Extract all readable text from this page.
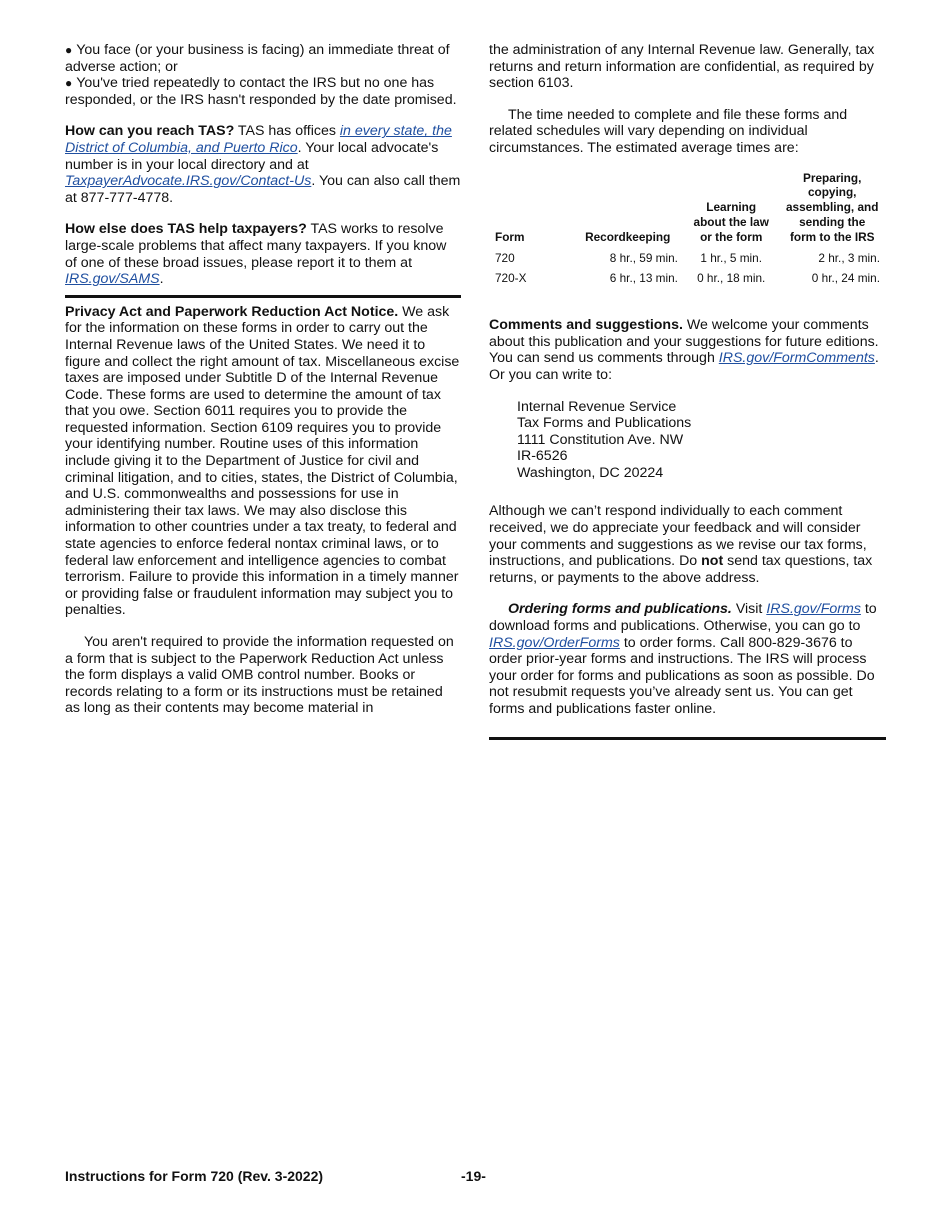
● You face (or your business is facing) an immediate threat of adverse action; or

● You've tried repeatedly to contact the IRS but no one has responded, or the IRS hasn't responded by the date promised.

How can you reach TAS? TAS has offices in every state, the District of Columbia, and Puerto Rico. Your local advocate's number is in your local directory and at TaxpayerAdvocate.IRS.gov/Contact-Us. You can also call them at 877-777-4778.

How else does TAS help taxpayers? TAS works to resolve large-scale problems that affect many taxpayers. If you know of one of these broad issues, please report it to them at IRS.gov/SAMS.

Privacy Act and Paperwork Reduction Act Notice. We ask for the information on these forms in order to carry out the Internal Revenue laws of the United States. We need it to figure and collect the right amount of tax. Miscellaneous excise taxes are imposed under Subtitle D of the Internal Revenue Code. These forms are used to determine the amount of tax that you owe. Section 6011 requires you to provide the requested information. Section 6109 requires you to provide your identifying number. Routine uses of this information include giving it to the Department of Justice for civil and criminal litigation, and to cities, states, the District of Columbia, and U.S. commonwealths and possessions for use in administering their tax laws. We may also disclose this information to other countries under a tax treaty, to federal and state agencies to enforce federal nontax criminal laws, or to federal law enforcement and intelligence agencies to combat terrorism. Failure to provide this information in a timely manner or providing false or fraudulent information may subject you to penalties.

You aren't required to provide the information requested on a form that is subject to the Paperwork Reduction Act unless the form displays a valid OMB control number. Books or records relating to a form or its instructions must be retained as long as their contents may become material in

the administration of any Internal Revenue law. Generally, tax returns and return information are confidential, as required by section 6103.

The time needed to complete and file these forms and related schedules will vary depending on individual circumstances. The estimated average times are:

Form	Recordkeeping	Learning about the law or the form	Preparing, copying, assembling, and sending the form to the IRS
720	8 hr., 59 min.	1 hr., 5 min.	2 hr., 3 min.
720-X	6 hr., 13 min.	0 hr., 18 min.	0 hr., 24 min.

Comments and suggestions. We welcome your comments about this publication and your suggestions for future editions. You can send us comments through IRS.gov/FormComments. Or you can write to:

Internal Revenue Service
Tax Forms and Publications
1111 Constitution Ave. NW
IR-6526
Washington, DC 20224

Although we can’t respond individually to each comment received, we do appreciate your feedback and will consider your comments and suggestions as we revise our tax forms, instructions, and publications. Do not send tax questions, tax returns, or payments to the above address.

Ordering forms and publications. Visit IRS.gov/Forms to download forms and publications. Otherwise, you can go to IRS.gov/OrderForms to order forms. Call 800-829-3676 to order prior-year forms and instructions. The IRS will process your order for forms and publications as soon as possible. Do not resubmit requests you’ve already sent us. You can get forms and publications faster online.

Instructions for Form 720 (Rev. 3-2022)	-19-
